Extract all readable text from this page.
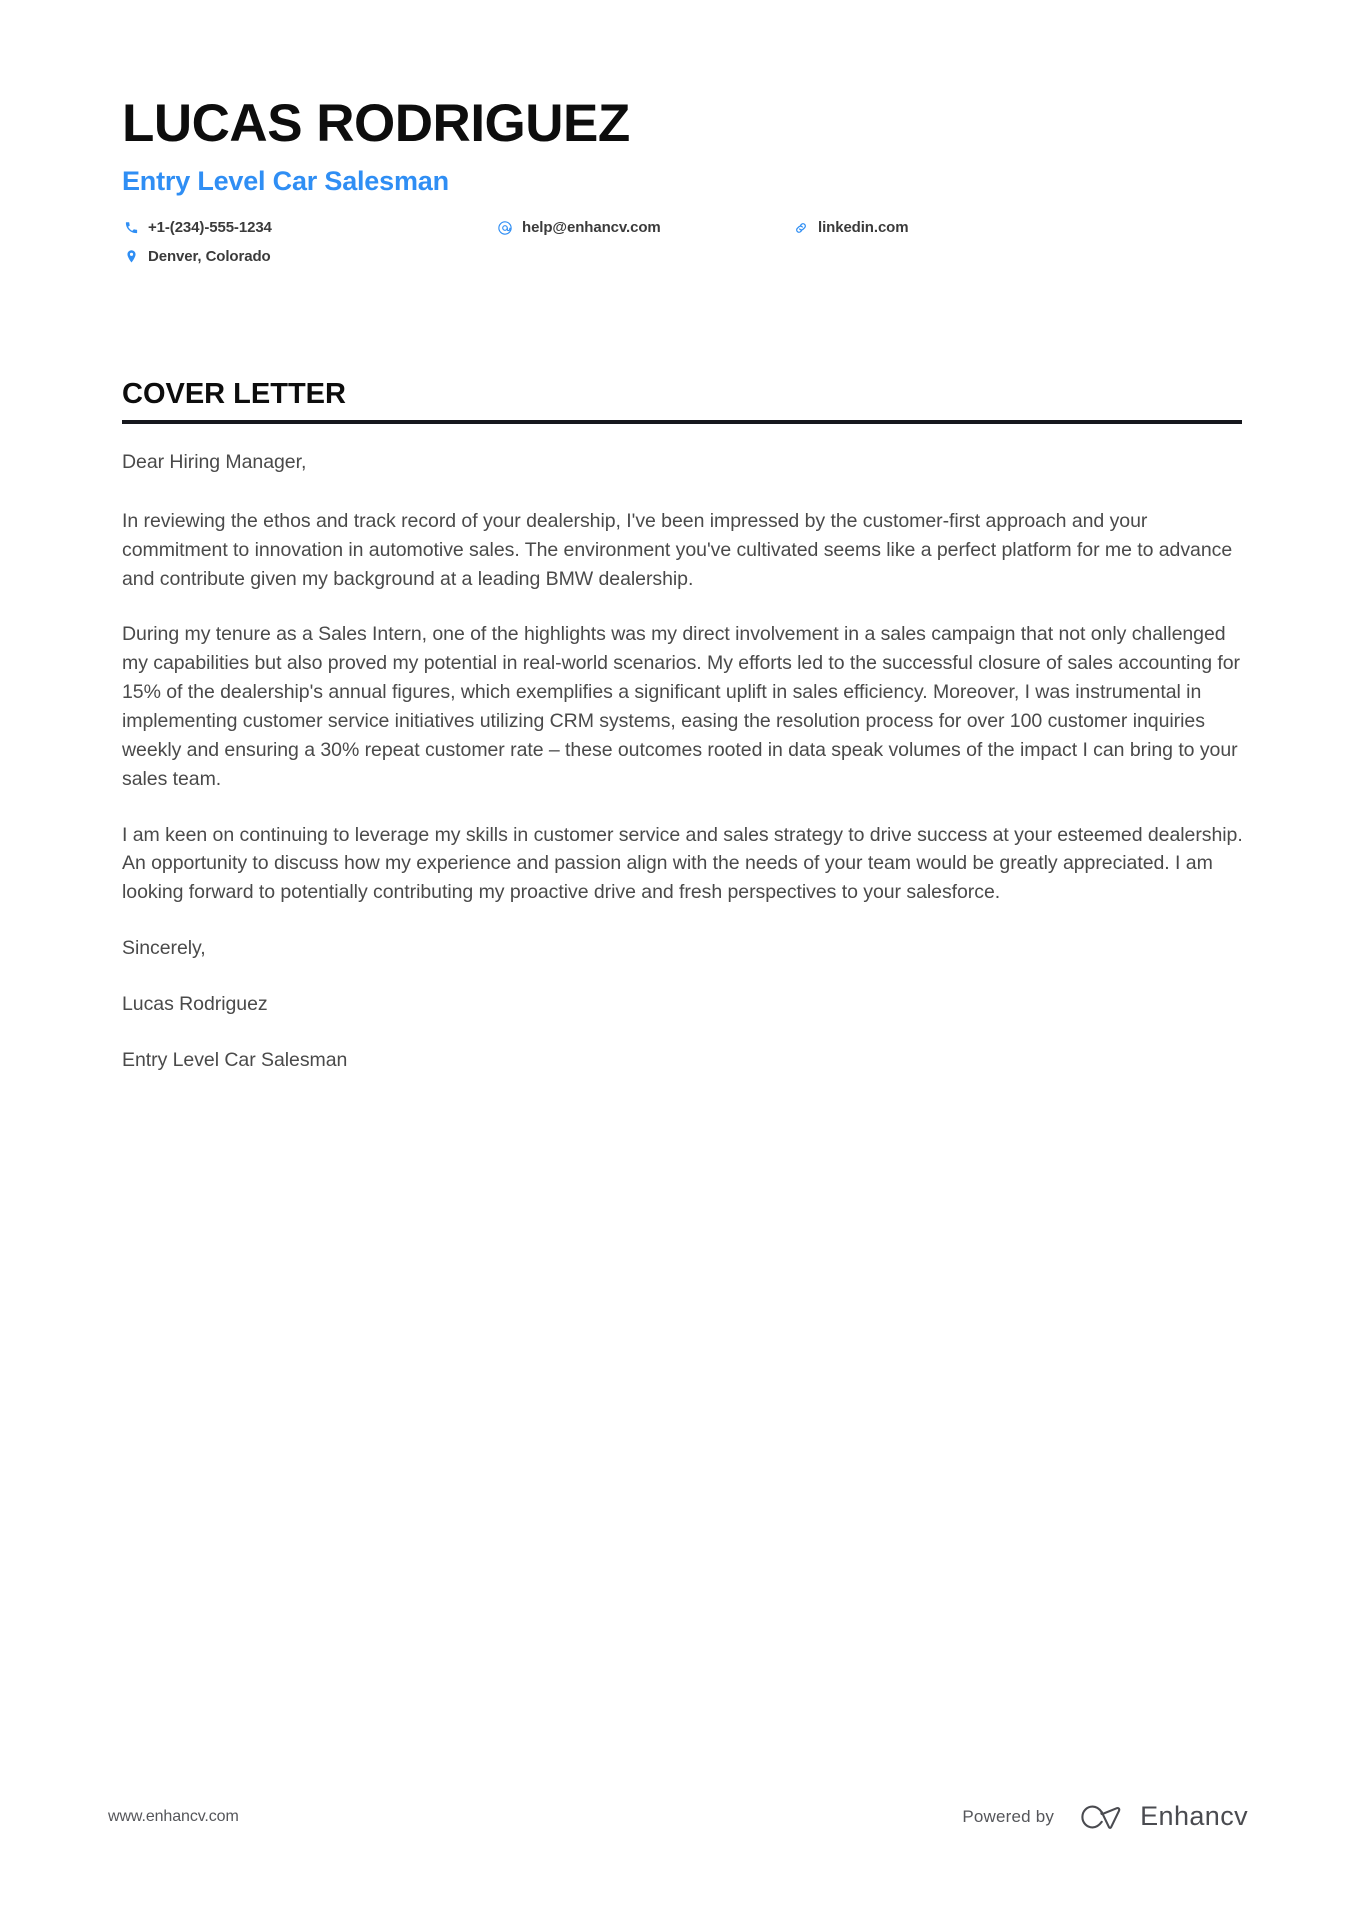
LUCAS RODRIGUEZ
Entry Level Car Salesman
+1-(234)-555-1234	help@enhancv.com	linkedin.com
Denver, Colorado
COVER LETTER

Dear Hiring Manager,

In reviewing the ethos and track record of your dealership, I've been impressed by the customer-first approach and your commitment to innovation in automotive sales. The environment you've cultivated seems like a perfect platform for me to advance and contribute given my background at a leading BMW dealership.

During my tenure as a Sales Intern, one of the highlights was my direct involvement in a sales campaign that not only challenged my capabilities but also proved my potential in real-world scenarios. My efforts led to the successful closure of sales accounting for 15% of the dealership's annual figures, which exemplifies a significant uplift in sales efficiency. Moreover, I was instrumental in implementing customer service initiatives utilizing CRM systems, easing the resolution process for over 100 customer inquiries weekly and ensuring a 30% repeat customer rate – these outcomes rooted in data speak volumes of the impact I can bring to your sales team.

I am keen on continuing to leverage my skills in customer service and sales strategy to drive success at your esteemed dealership. An opportunity to discuss how my experience and passion align with the needs of your team would be greatly appreciated. I am looking forward to potentially contributing my proactive drive and fresh perspectives to your salesforce.

Sincerely,

Lucas Rodriguez

Entry Level Car Salesman

www.enhancv.com	Powered by	Enhancv
